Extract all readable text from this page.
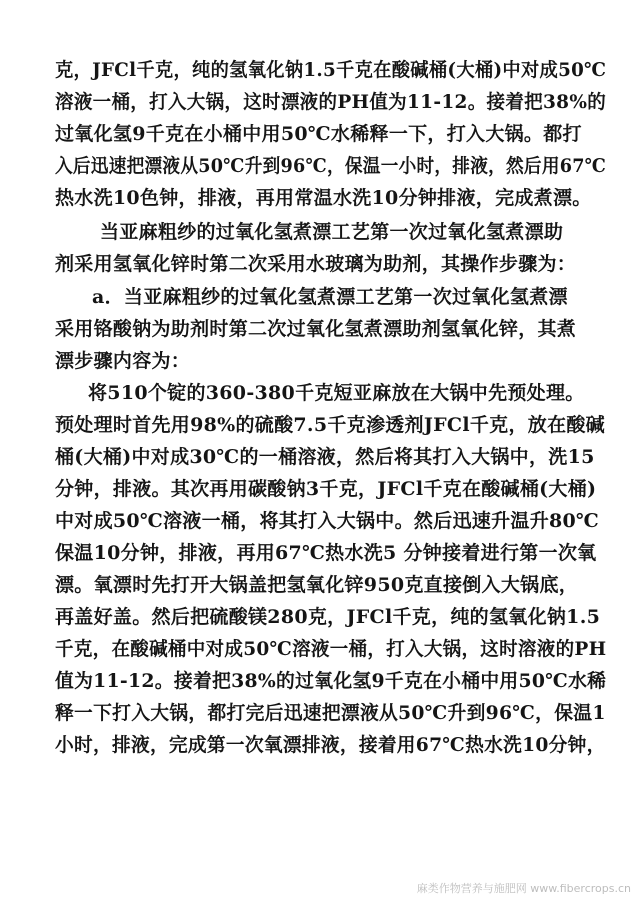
克，JFCl千克，纯的氢氧化钠1.5千克在酸碱桶(大桶)中对成50℃
溶液一桶，打入大锅，这时漂液的PH值为11-12。接着把38%的
过氧化氢9千克在小桶中用50℃水稀释一下，打入大锅。都打
入后迅速把漂液从50℃升到96℃，保温一小时，排液，然后用67℃
热水洗10色钟，排液，再用常温水洗10分钟排液，完成煮漂。
当亚麻粗纱的过氧化氢煮漂工艺第一次过氧化氢煮漂助
剂采用氢氧化锌时第二次采用水玻璃为助剂，其操作步骤为：
a．当亚麻粗纱的过氧化氢煮漂工艺第一次过氧化氢煮漂
采用铬酸钠为助剂时第二次过氧化氢煮漂助剂氢氧化锌，其煮
漂步骤内容为：
将510个锭的360-380千克短亚麻放在大锅中先预处理。
预处理时首先用98%的硫酸7.5千克渗透剂JFCl千克，放在酸碱
桶(大桶)中对成30℃的一桶溶液，然后将其打入大锅中，洗15
分钟，排液。其次再用碳酸钠3千克，JFCl千克在酸碱桶(大桶)
中对成50℃溶液一桶，将其打入大锅中。然后迅速升温升80℃
保温10分钟，排液，再用67℃热水洗5 分钟接着进行第一次氧
漂。氧漂时先打开大锅盖把氢氧化锌950克直接倒入大锅底，
再盖好盖。然后把硫酸镁280克，JFCl千克，纯的氢氧化钠1.5
千克，在酸碱桶中对成50℃溶液一桶，打入大锅，这时溶液的PH
值为11-12。接着把38%的过氧化氢9千克在小桶中用50℃水稀
释一下打入大锅，都打完后迅速把漂液从50℃升到96℃，保温1
小时，排液，完成第一次氧漂排液，接着用67℃热水洗10分钟，
麻类作物营养与施肥网 www.fibercrops.cn
